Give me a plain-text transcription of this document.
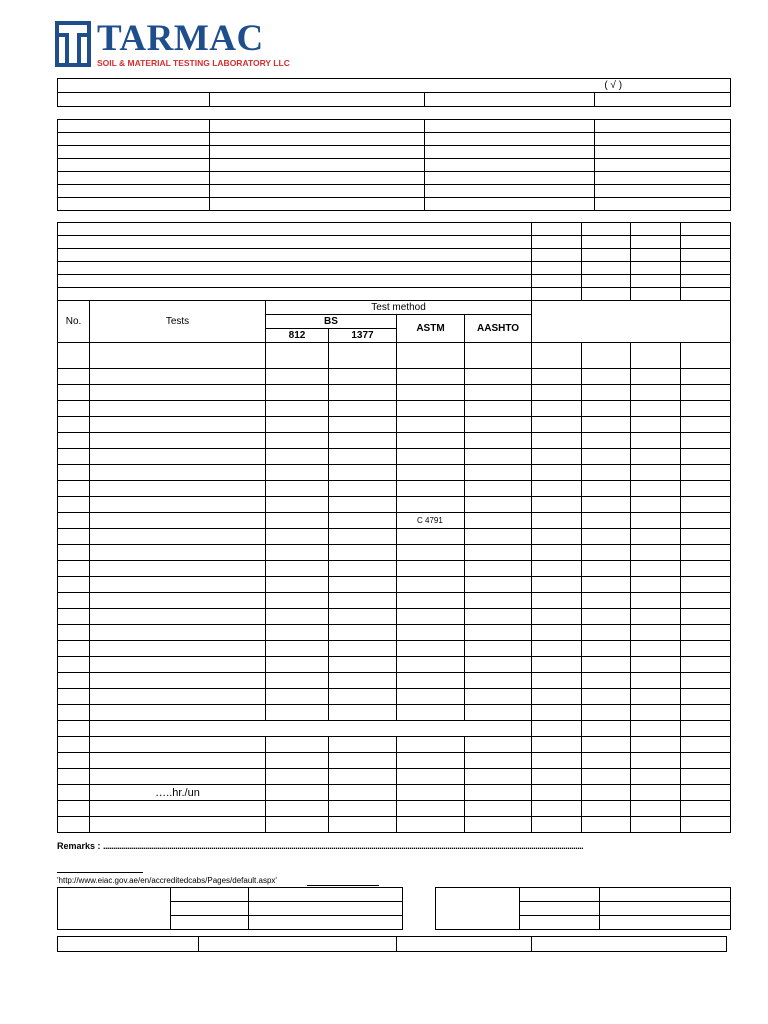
TARMAC
SOIL & MATERIAL TESTING LABORATORY LLC
( √ )

No.	Tests	Test method							
		BS		ASTM	AASHTO				
		812	1377						

				C 4791					

	…..hr./un								

Remarks : ................................................................................................................................................................................................................................................
'http://www.eiac.gov.ae/en/accreditedcabs/Pages/default.aspx'
